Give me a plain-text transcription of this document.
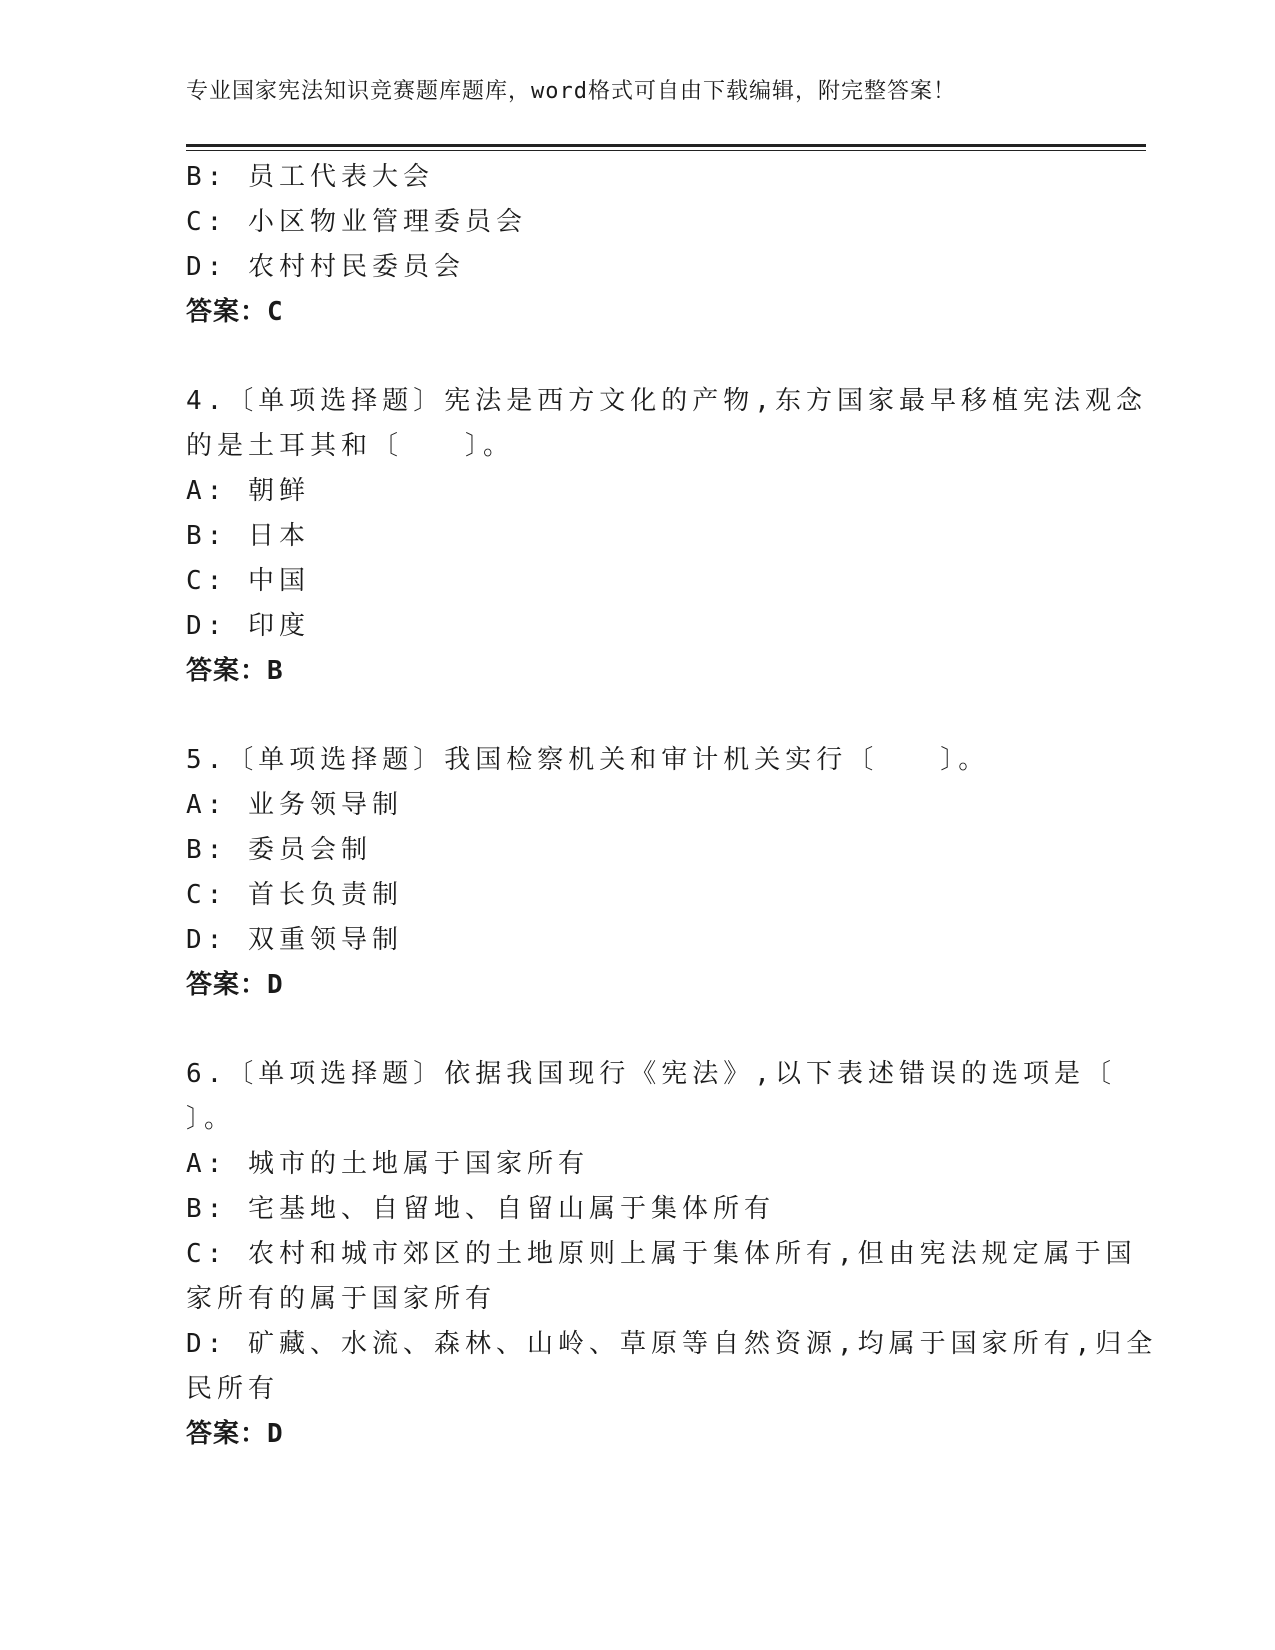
专业国家宪法知识竞赛题库题库，word格式可自由下载编辑，附完整答案！
B: 员工代表大会
C: 小区物业管理委员会
D: 农村村民委员会
答案：C
4.〔单项选择题〕宪法是西方文化的产物,东方国家最早移植宪法观念
的是土耳其和〔　　〕。
A: 朝鲜
B: 日本
C: 中国
D: 印度
答案：B
5.〔单项选择题〕我国检察机关和审计机关实行〔　　〕。
A: 业务领导制
B: 委员会制
C: 首长负责制
D: 双重领导制
答案：D
6.〔单项选择题〕依据我国现行《宪法》,以下表述错误的选项是〔
〕。
A: 城市的土地属于国家所有
B: 宅基地、自留地、自留山属于集体所有
C: 农村和城市郊区的土地原则上属于集体所有,但由宪法规定属于国
家所有的属于国家所有
D: 矿藏、水流、森林、山岭、草原等自然资源,均属于国家所有,归全
民所有
答案：D
